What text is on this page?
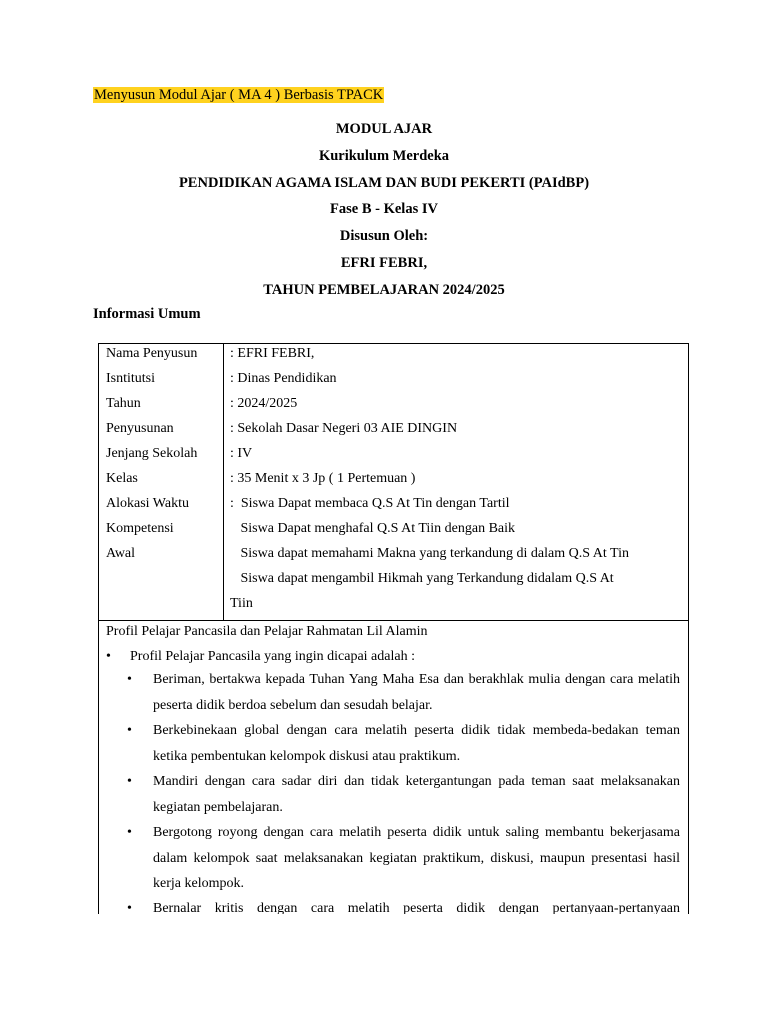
Menyusun Modul Ajar ( MA 4 ) Berbasis TPACK
MODUL AJAR
Kurikulum Merdeka
PENDIDIKAN AGAMA ISLAM DAN BUDI PEKERTI (PAIdBP)
Fase B - Kelas IV
Disusun Oleh:
EFRI FEBRI,
TAHUN PEMBELAJARAN 2024/2025
Informasi Umum
Nama Penyusun
Isntitutsi
Tahun
Penyusunan
Jenjang Sekolah
Kelas
Alokasi Waktu
Kompetensi
Awal
: EFRI FEBRI,
: Dinas Pendidikan
: 2024/2025
: Sekolah Dasar Negeri 03 AIE DINGIN
: IV
: 35 Menit x 3 Jp ( 1 Pertemuan )
:  Siswa Dapat membaca Q.S At Tin dengan Tartil
Siswa Dapat menghafal Q.S At Tiin dengan Baik
Siswa dapat memahami Makna yang terkandung di dalam Q.S At Tin
Siswa dapat mengambil Hikmah yang Terkandung didalam Q.S At
Tiin
Profil Pelajar Pancasila dan Pelajar Rahmatan Lil Alamin
• Profil Pelajar Pancasila yang ingin dicapai adalah :
• Beriman, bertakwa kepada Tuhan Yang Maha Esa dan berakhlak mulia dengan cara melatih peserta didik berdoa sebelum dan sesudah belajar.
• Berkebinekaan global dengan cara melatih peserta didik tidak membeda-bedakan teman ketika pembentukan kelompok diskusi atau praktikum.
• Mandiri dengan cara sadar diri dan tidak ketergantungan pada teman saat melaksanakan kegiatan pembelajaran.
• Bergotong royong dengan cara melatih peserta didik untuk saling membantu bekerjasama dalam kelompok saat melaksanakan kegiatan praktikum, diskusi, maupun presentasi hasil kerja kelompok.
• Bernalar kritis dengan cara melatih peserta didik dengan pertanyaan-pertanyaan
